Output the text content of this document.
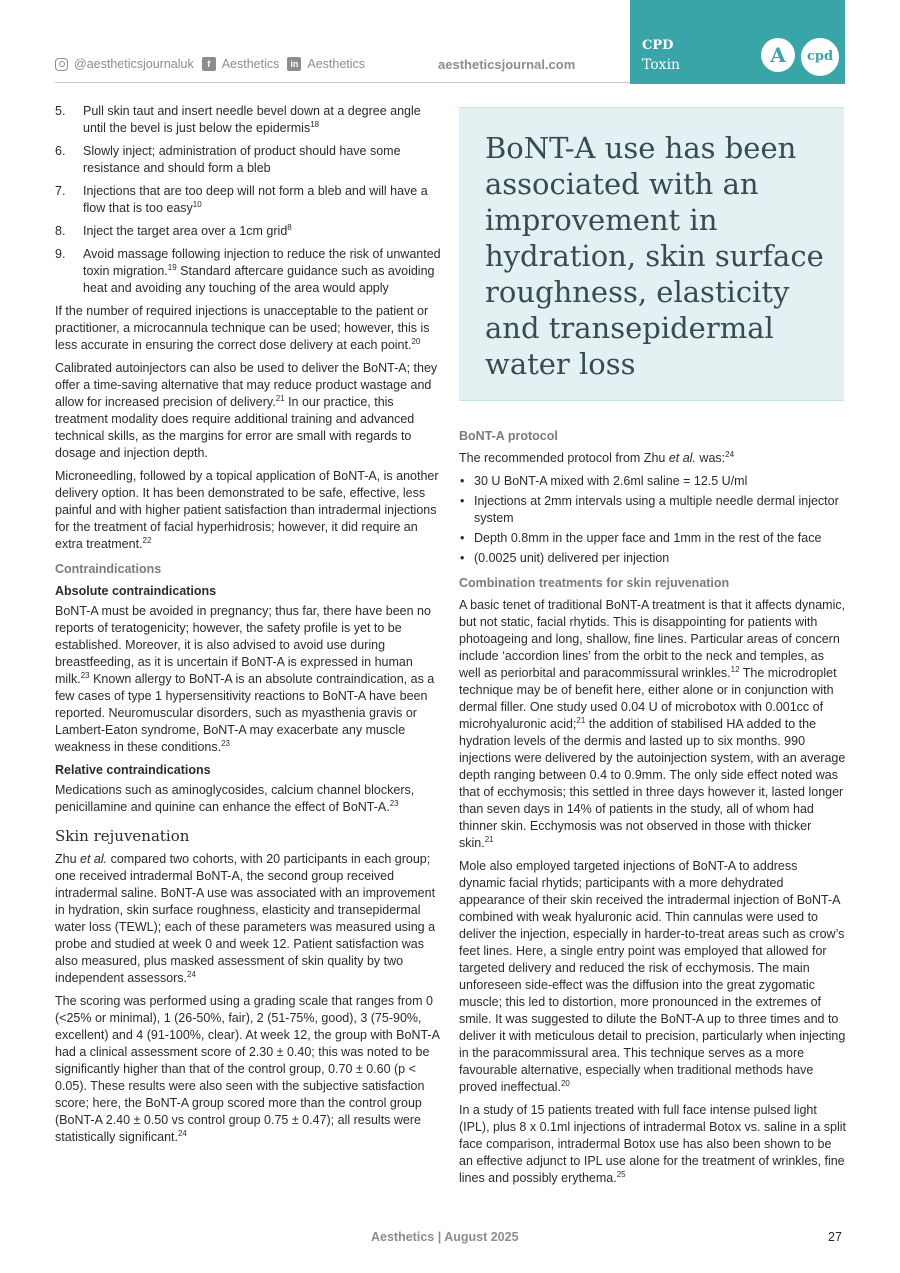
@aestheticsjournaluk	f Aesthetics	in Aesthetics	aestheticsjournal.com
CPD
Toxin	A	cpd
5. Pull skin taut and insert needle bevel down at a degree angle until the bevel is just below the epidermis$^{18}$
6. Slowly inject; administration of product should have some resistance and should form a bleb
7. Injections that are too deep will not form a bleb and will have a flow that is too easy$^{10}$
8. Inject the target area over a 1cm grid$^8$
9. Avoid massage following injection to reduce the risk of unwanted toxin migration.$^{19}$ Standard aftercare guidance such as avoiding heat and avoiding any touching of the area would apply

If the number of required injections is unacceptable to the patient or practitioner, a microcannula technique can be used; however, this is less accurate in ensuring the correct dose delivery at each point.$^{20}$

Calibrated autoinjectors can also be used to deliver the BoNT-A; they offer a time-saving alternative that may reduce product wastage and allow for increased precision of delivery.$^{21}$ In our practice, this treatment modality does require additional training and advanced technical skills, as the margins for error are small with regards to dosage and injection depth.

Microneedling, followed by a topical application of BoNT-A, is another delivery option. It has been demonstrated to be safe, effective, less painful and with higher patient satisfaction than intradermal injections for the treatment of facial hyperhidrosis; however, it did require an extra treatment.$^{22}$

Contraindications
Absolute contraindications

BoNT-A must be avoided in pregnancy; thus far, there have been no reports of teratogenicity; however, the safety profile is yet to be established. Moreover, it is also advised to avoid use during breastfeeding, as it is uncertain if BoNT-A is expressed in human milk.$^{23}$ Known allergy to BoNT-A is an absolute contraindication, as a few cases of type 1 hypersensitivity reactions to BoNT-A have been reported. Neuromuscular disorders, such as myasthenia gravis or Lambert-Eaton syndrome, BoNT-A may exacerbate any muscle weakness in these conditions.$^{23}$

Relative contraindications

Medications such as aminoglycosides, calcium channel blockers, penicillamine and quinine can enhance the effect of BoNT-A.$^{23}$

Skin rejuvenation

Zhu et al. compared two cohorts, with 20 participants in each group; one received intradermal BoNT-A, the second group received intradermal saline. BoNT-A use was associated with an improvement in hydration, skin surface roughness, elasticity and transepidermal water loss (TEWL); each of these parameters was measured using a probe and studied at week 0 and week 12. Patient satisfaction was also measured, plus masked assessment of skin quality by two independent assessors.$^{24}$

The scoring was performed using a grading scale that ranges from 0 (<25% or minimal), 1 (26-50%, fair), 2 (51-75%, good), 3 (75-90%, excellent) and 4 (91-100%, clear). At week 12, the group with BoNT-A had a clinical assessment score of 2.30 ± 0.40; this was noted to be significantly higher than that of the control group, 0.70 ± 0.60 (p < 0.05). These results were also seen with the subjective satisfaction score; here, the BoNT-A group scored more than the control group (BoNT-A 2.40 ± 0.50 vs control group 0.75 ± 0.47); all results were statistically significant.$^{24}$

BoNT-A use has been associated with an improvement in hydration, skin surface roughness, elasticity and transepidermal water loss
BoNT-A protocol

The recommended protocol from Zhu et al. was:$^{24}$

• 30 U BoNT-A mixed with 2.6ml saline = 12.5 U/ml
• Injections at 2mm intervals using a multiple needle dermal injector system
• Depth 0.8mm in the upper face and 1mm in the rest of the face
• (0.0025 unit) delivered per injection
Combination treatments for skin rejuvenation

A basic tenet of traditional BoNT-A treatment is that it affects dynamic, but not static, facial rhytids. This is disappointing for patients with photoageing and long, shallow, fine lines. Particular areas of concern include ‘accordion lines’ from the orbit to the neck and temples, as well as periorbital and paracommissural wrinkles.$^{12}$ The microdroplet technique may be of benefit here, either alone or in conjunction with dermal filler. One study used 0.04 U of microbotox with 0.001cc of microhyaluronic acid;$^{21}$ the addition of stabilised HA added to the hydration levels of the dermis and lasted up to six months. 990 injections were delivered by the autoinjection system, with an average depth ranging between 0.4 to 0.9mm. The only side effect noted was that of ecchymosis; this settled in three days however it, lasted longer than seven days in 14% of patients in the study, all of whom had thinner skin. Ecchymosis was not observed in those with thicker skin.$^{21}$

Mole also employed targeted injections of BoNT-A to address dynamic facial rhytids; participants with a more dehydrated appearance of their skin received the intradermal injection of BoNT-A combined with weak hyaluronic acid. Thin cannulas were used to deliver the injection, especially in harder-to-treat areas such as crow’s feet lines. Here, a single entry point was employed that allowed for targeted delivery and reduced the risk of ecchymosis. The main unforeseen side-effect was the diffusion into the great zygomatic muscle; this led to distortion, more pronounced in the extremes of smile. It was suggested to dilute the BoNT-A up to three times and to deliver it with meticulous detail to precision, particularly when injecting in the paracommissural area. This technique serves as a more favourable alternative, especially when traditional methods have proved ineffectual.$^{20}$

In a study of 15 patients treated with full face intense pulsed light (IPL), plus 8 x 0.1ml injections of intradermal Botox vs. saline in a split face comparison, intradermal Botox use has also been shown to be an effective adjunct to IPL use alone for the treatment of wrinkles, fine lines and possibly erythema.$^{25}$

Aesthetics | August 2025	27
